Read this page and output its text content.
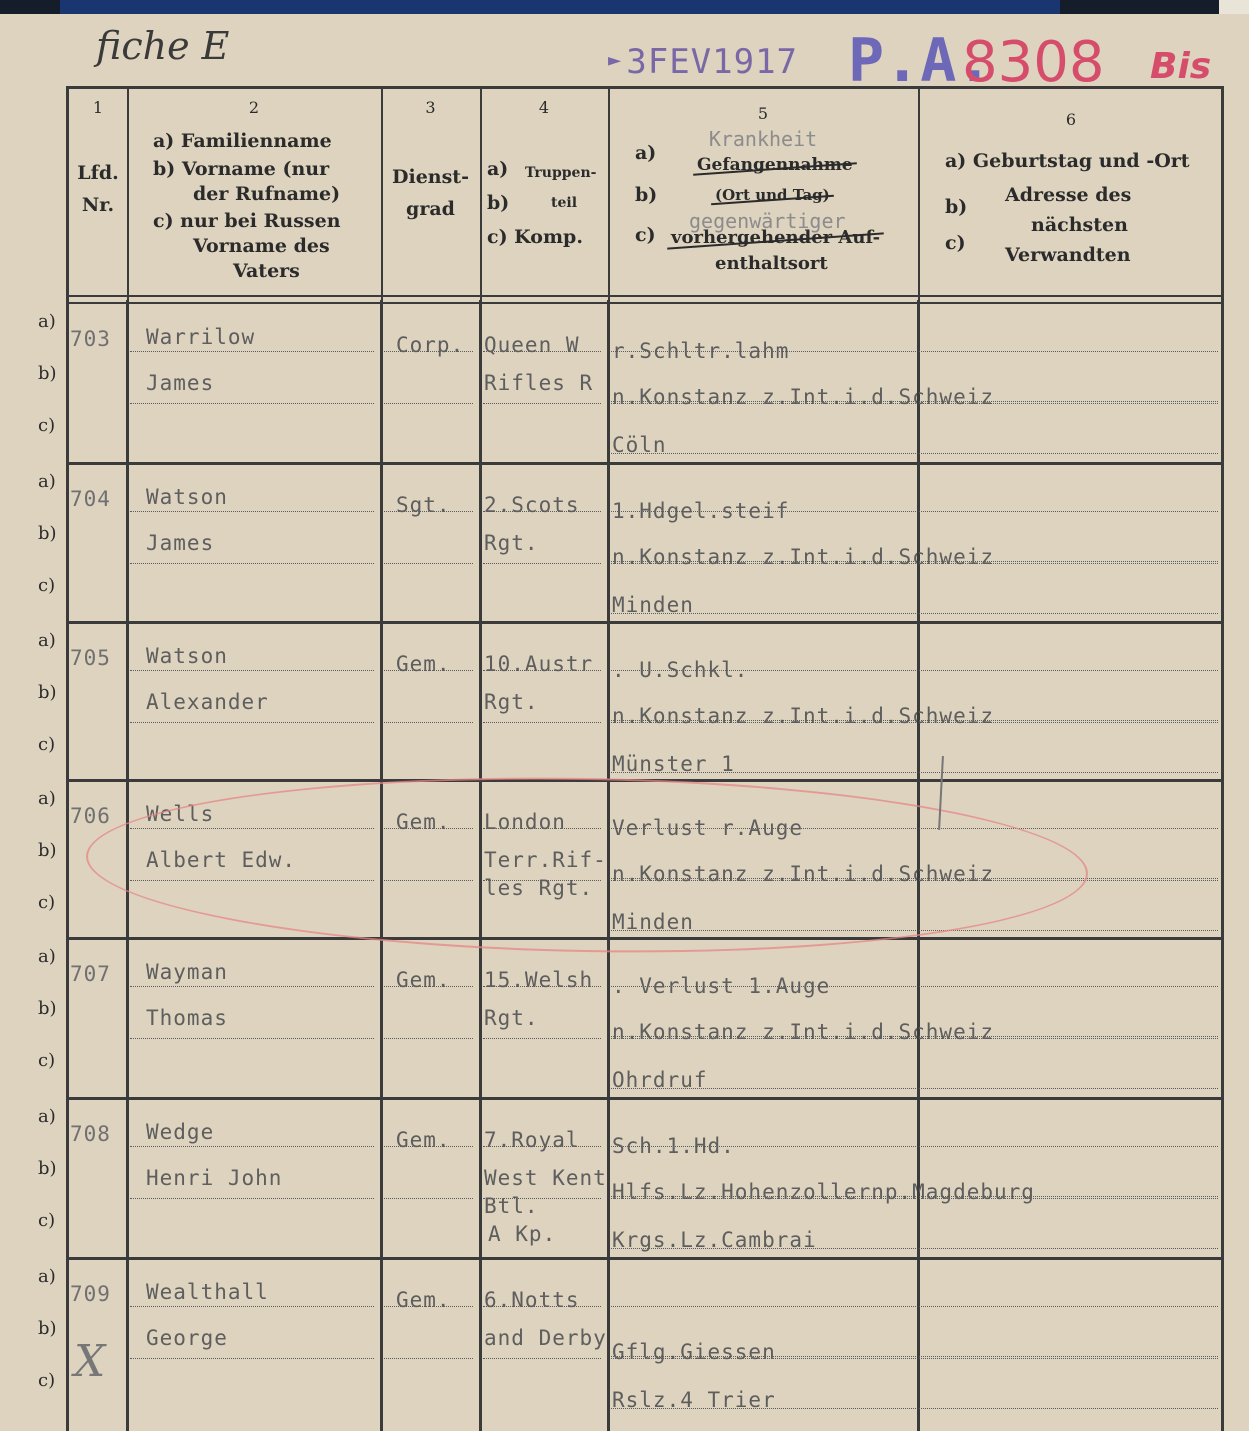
fiche E	► 3FEV1917 P.A.
8308 Bis
1
Lfd.
Nr.
2
a) Familienname
b) Vorname (nur
der Rufname)
c) nur bei Russen
Vorname des
Vaters
3
Dienst-
grad
4
a)
b)
Truppen-
teil
c) Komp.
5
Krankheit
a)
b)
c)
Gefangennahme
(Ort und Tag)
gegenwärtiger
vorhergehender Auf-
enthaltsort
6
a) Geburtstag und -Ort
b)
c)
Adresse des
nächsten
Verwandten
a)
b)
c)
703 Warrilow
James
Corp. Queen W
Rifles R
r.Schltr.lahm
n.Konstanz z.Int.i.d.Schweiz
Cöln
a)
b)
c)
704 Watson
James
Sgt. 2.Scots
Rgt.
1.Hdgel.steif
n.Konstanz z.Int.i.d.Schweiz
Minden
a)
b)
c)
705 Watson
Alexander
Gem. 10.Austr
Rgt.
. U.Schkl.
n.Konstanz z.Int.i.d.Schweiz
Münster 1
a)
b)
c)
706 Wells
Albert Edw.
Gem. London
Terr.Rif-
les Rgt.
Verlust r.Auge
n.Konstanz z.Int.i.d.Schweiz
Minden
a)
b)
c)
707 Wayman
Thomas
Gem. 15.Welsh
Rgt.
. Verlust 1.Auge
n.Konstanz z.Int.i.d.Schweiz
Ohrdruf
a)
b)
c)
708 Wedge
Henri John
Gem. 7.Royal
West Kent
Btl.
A Kp.
Sch.1.Hd.
Hlfs.Lz.Hohenzollernp.Magdeburg
Krgs.Lz.Cambrai
a)
b)
c)
709 Wealthall
George
Gem. 6.Notts
and Derby
Gflg.Giessen
Rslz.4 Trier
X
